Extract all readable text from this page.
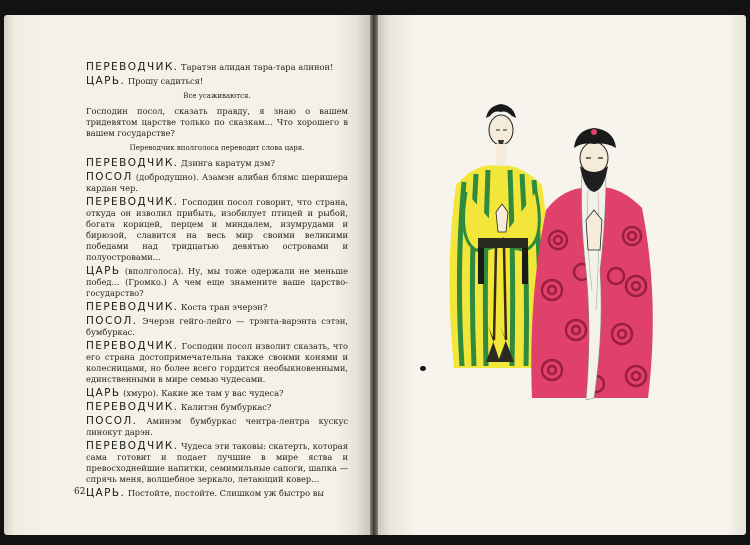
ПЕРЕВОДЧИК. Таратэн алидан тара-тара алинон!

ЦАРЬ. Прошу садиться!

Все усаживаются.

Господин посол, сказать правду, я знаю о вашем тридевятом царстве только по сказкам... Что хорошего в вашем государстве?

Переводчик вполголоса переводит слова царя.

ПЕРЕВОДЧИК. Дзинга каратум дэм?

ПОСОЛ (добродушно). Азамэн алибан блямс шеришера кардан чер.

ПЕРЕВОДЧИК. Господин посол говорит, что страна, откуда он изволил прибыть, изобилует птицей и рыбой, богата корицей, перцем и миндалем, изумрудами и бирюзой, славится на весь мир своими великими победами над тридцатью девятью островами и полуостровами...

ЦАРЬ (вполголоса). Ну, мы тоже одержали не меньше побед... (Громко.) А чем еще знамените ваше царство-государство?

ПЕРЕВОДЧИК. Коста тран эчерэн?

ПОСОЛ. Эчерэн гейго-лейго — трэнта-варэнта сэтэн, бумбуркас.

ПЕРЕВОДЧИК. Господин посол изволит сказать, что его страна достопримечательна также своими конями и колесницами, но более всего гордится необыкновенными, единственными в мире семью чудесами.

ЦАРЬ (хмуро). Какие же там у вас чудеса?

ПЕРЕВОДЧИК. Калитэн бумбуркас?

ПОСОЛ. Аминэм бумбуркас чентра-лентра кускус линокут дарэн.

ПЕРЕВОДЧИК. Чудеса эти таковы: скатерть, которая сама готовит и подает лучшие в мире яства и превосходнейшие напитки, семимильные сапоги, шапка — спрячь меня, волшебное зеркало, летающий ковер...

ЦАРЬ. Постойте, постойте. Слишком уж быстро вы

62
